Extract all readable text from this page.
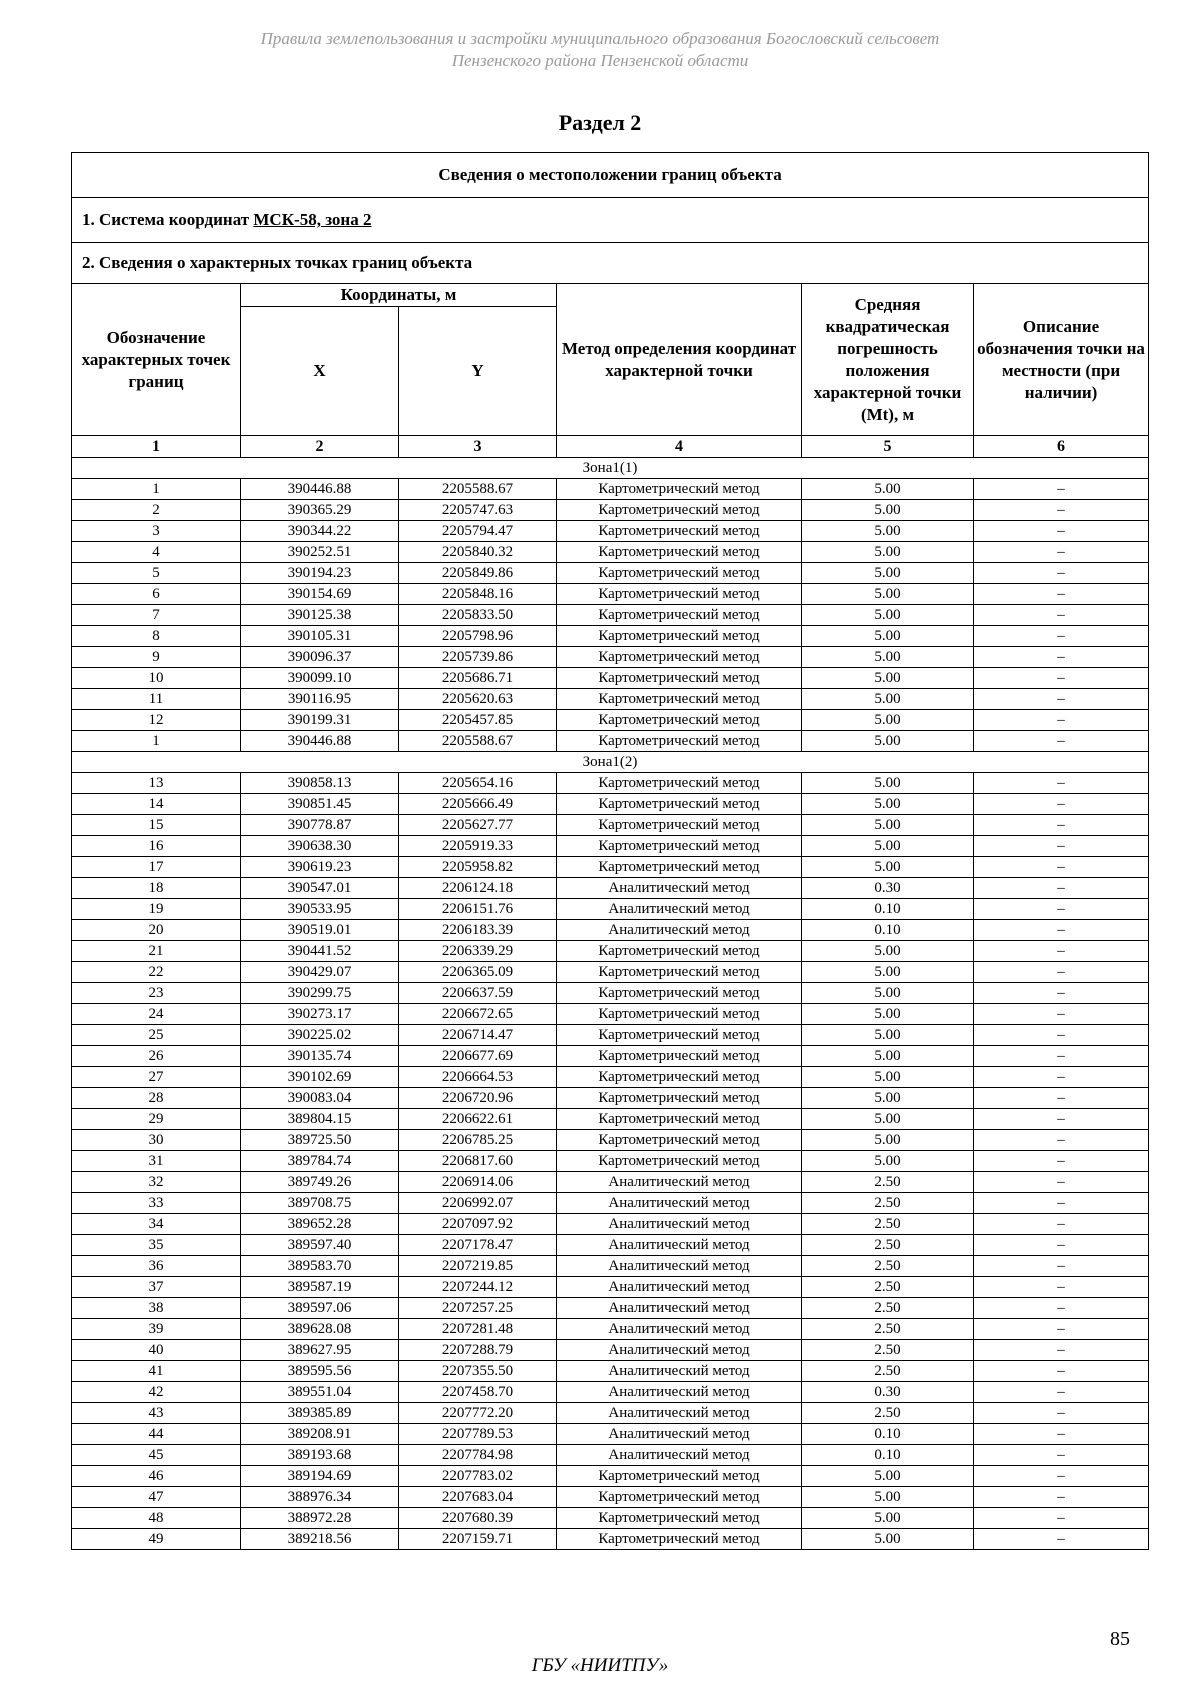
Правила землепользования и застройки муниципального образования Богословский сельсовет
Пензенского района Пензенской области
Раздел 2
Сведения о местоположении границ объекта					
1. Система координат МСК-58, зона 2					
2. Сведения о характерных точках границ объекта					
Обозначение характерных точек границ	Координаты, м		Метод определения координат характерной точки	Средняя квадратическая погрешность положения характерной точки (Mt), м	Описание обозначения точки на местности (при наличии)
	X	Y			
1	2	3	4	5	6
Зона1(1)					
1	390446.88	2205588.67	Картометрический метод	5.00	–
2	390365.29	2205747.63	Картометрический метод	5.00	–
3	390344.22	2205794.47	Картометрический метод	5.00	–
4	390252.51	2205840.32	Картометрический метод	5.00	–
5	390194.23	2205849.86	Картометрический метод	5.00	–
6	390154.69	2205848.16	Картометрический метод	5.00	–
7	390125.38	2205833.50	Картометрический метод	5.00	–
8	390105.31	2205798.96	Картометрический метод	5.00	–
9	390096.37	2205739.86	Картометрический метод	5.00	–
10	390099.10	2205686.71	Картометрический метод	5.00	–
11	390116.95	2205620.63	Картометрический метод	5.00	–
12	390199.31	2205457.85	Картометрический метод	5.00	–
1	390446.88	2205588.67	Картометрический метод	5.00	–
Зона1(2)					
13	390858.13	2205654.16	Картометрический метод	5.00	–
14	390851.45	2205666.49	Картометрический метод	5.00	–
15	390778.87	2205627.77	Картометрический метод	5.00	–
16	390638.30	2205919.33	Картометрический метод	5.00	–
17	390619.23	2205958.82	Картометрический метод	5.00	–
18	390547.01	2206124.18	Аналитический метод	0.30	–
19	390533.95	2206151.76	Аналитический метод	0.10	–
20	390519.01	2206183.39	Аналитический метод	0.10	–
21	390441.52	2206339.29	Картометрический метод	5.00	–
22	390429.07	2206365.09	Картометрический метод	5.00	–
23	390299.75	2206637.59	Картометрический метод	5.00	–
24	390273.17	2206672.65	Картометрический метод	5.00	–
25	390225.02	2206714.47	Картометрический метод	5.00	–
26	390135.74	2206677.69	Картометрический метод	5.00	–
27	390102.69	2206664.53	Картометрический метод	5.00	–
28	390083.04	2206720.96	Картометрический метод	5.00	–
29	389804.15	2206622.61	Картометрический метод	5.00	–
30	389725.50	2206785.25	Картометрический метод	5.00	–
31	389784.74	2206817.60	Картометрический метод	5.00	–
32	389749.26	2206914.06	Аналитический метод	2.50	–
33	389708.75	2206992.07	Аналитический метод	2.50	–
34	389652.28	2207097.92	Аналитический метод	2.50	–
35	389597.40	2207178.47	Аналитический метод	2.50	–
36	389583.70	2207219.85	Аналитический метод	2.50	–
37	389587.19	2207244.12	Аналитический метод	2.50	–
38	389597.06	2207257.25	Аналитический метод	2.50	–
39	389628.08	2207281.48	Аналитический метод	2.50	–
40	389627.95	2207288.79	Аналитический метод	2.50	–
41	389595.56	2207355.50	Аналитический метод	2.50	–
42	389551.04	2207458.70	Аналитический метод	0.30	–
43	389385.89	2207772.20	Аналитический метод	2.50	–
44	389208.91	2207789.53	Аналитический метод	0.10	–
45	389193.68	2207784.98	Аналитический метод	0.10	–
46	389194.69	2207783.02	Картометрический метод	5.00	–
47	388976.34	2207683.04	Картометрический метод	5.00	–
48	388972.28	2207680.39	Картометрический метод	5.00	–
49	389218.56	2207159.71	Картометрический метод	5.00	–
85
ГБУ «НИИТПУ»
